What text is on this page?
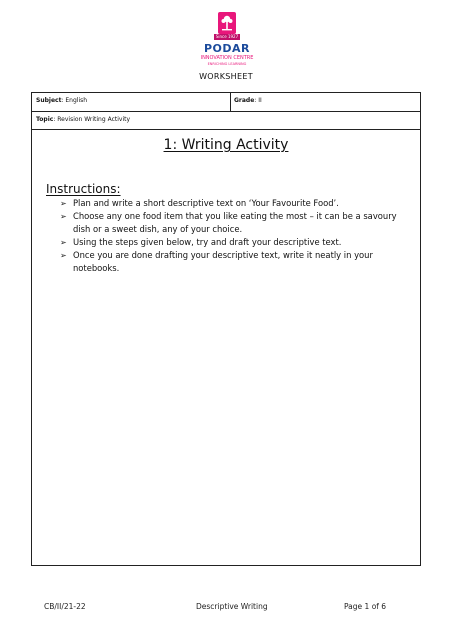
Since 1927
PODAR
INNOVATION CENTRE
ENRICHING LEARNING
WORKSHEET
Subject: English	Grade: II
Topic: Revision Writing Activity
1: Writing Activity
Instructions:
➢ Plan and write a short descriptive text on ‘Your Favourite Food’.
➢ Choose any one food item that you like eating the most – it can be a savoury dish or a sweet dish, any of your choice.
➢ Using the steps given below, try and draft your descriptive text.
➢ Once you are done drafting your descriptive text, write it neatly in your notebooks.
CB/II/21-22	Descriptive Writing	Page 1 of 6
